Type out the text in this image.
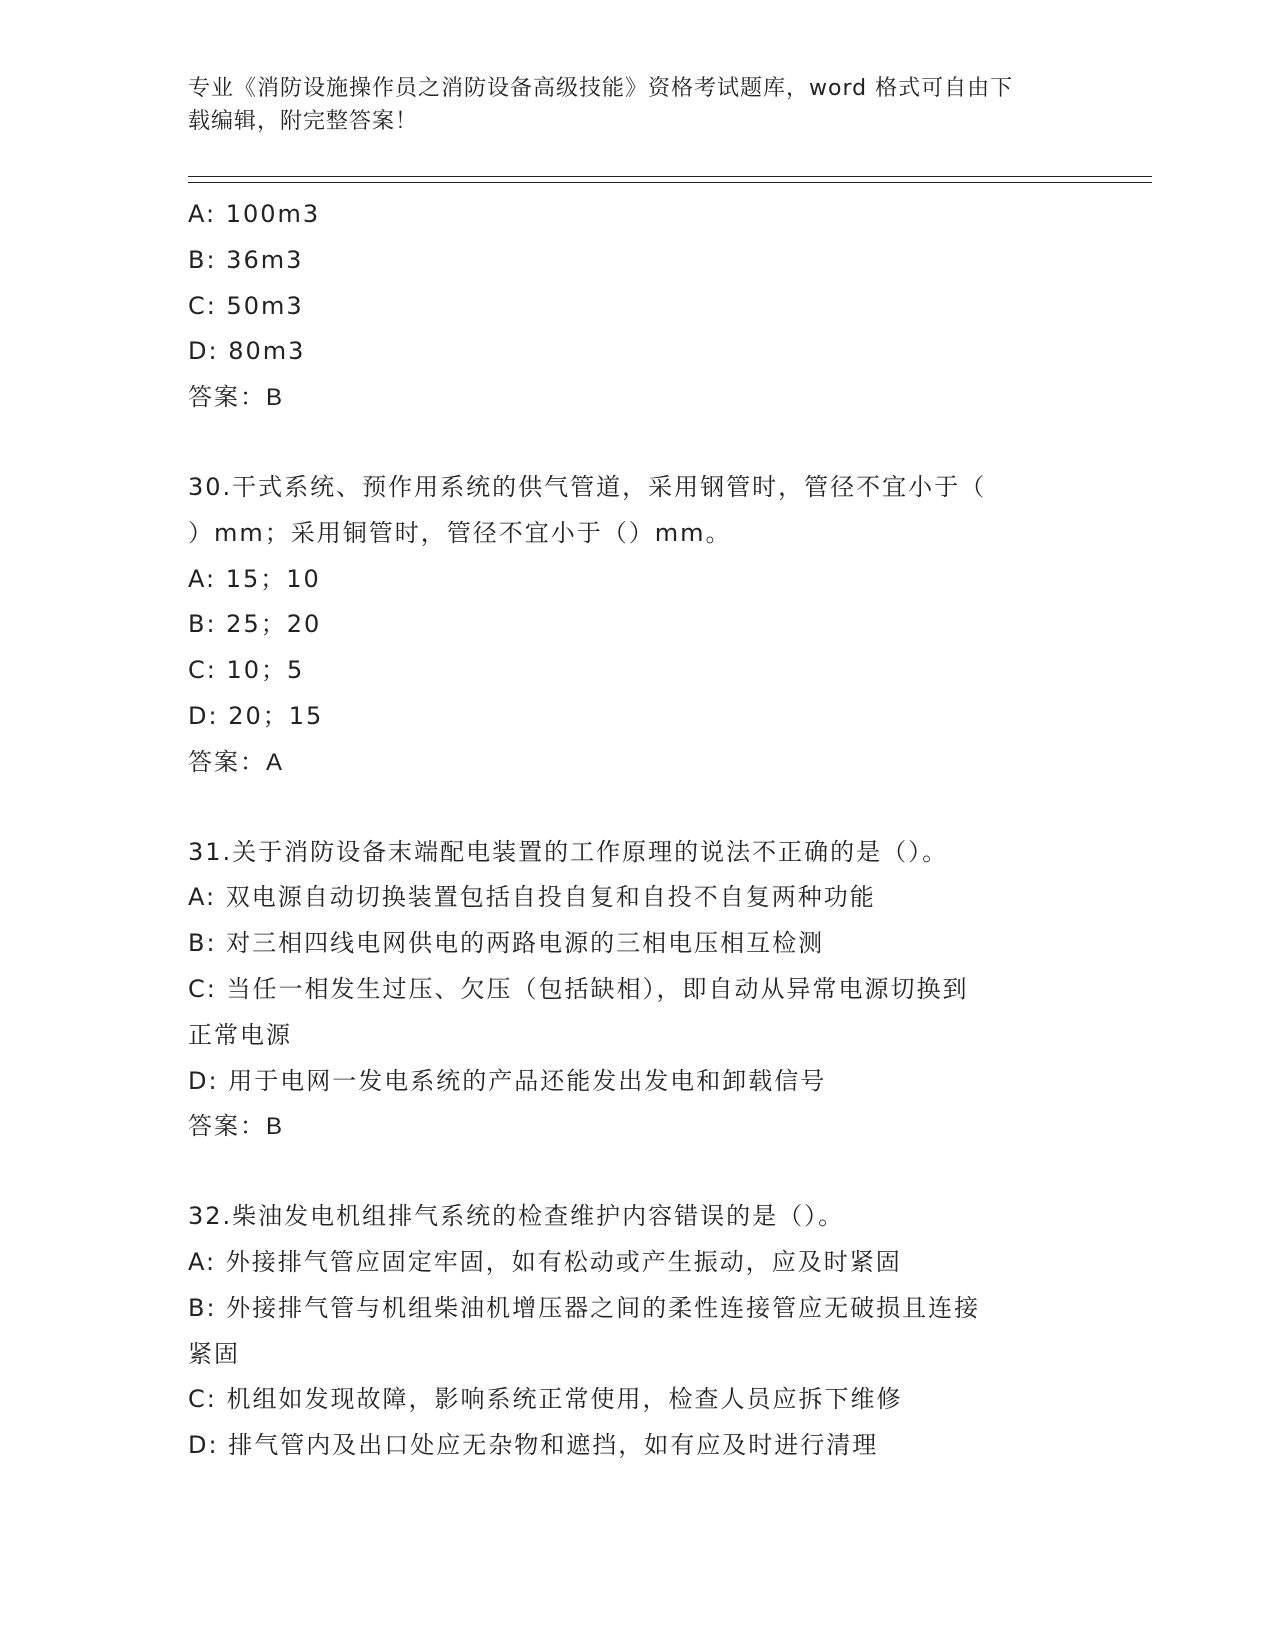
专业《消防设施操作员之消防设备高级技能》资格考试题库，word 格式可自由下
载编辑，附完整答案！

A: 100m3

B: 36m3

C: 50m3

D: 80m3

答案：B

30.干式系统、预作用系统的供气管道，采用钢管时，管径不宜小于（

）mm；采用铜管时，管径不宜小于（）mm。

A: 15；10

B: 25；20

C: 10；5

D: 20；15

答案：A

31.关于消防设备末端配电装置的工作原理的说法不正确的是（）。

A: 双电源自动切换装置包括自投自复和自投不自复两种功能

B: 对三相四线电网供电的两路电源的三相电压相互检测

C: 当任一相发生过压、欠压（包括缺相），即自动从异常电源切换到

正常电源

D: 用于电网一发电系统的产品还能发出发电和卸载信号

答案：B

32.柴油发电机组排气系统的检查维护内容错误的是（）。

A: 外接排气管应固定牢固，如有松动或产生振动，应及时紧固

B: 外接排气管与机组柴油机增压器之间的柔性连接管应无破损且连接

紧固

C: 机组如发现故障，影响系统正常使用，检查人员应拆下维修

D: 排气管内及出口处应无杂物和遮挡，如有应及时进行清理
